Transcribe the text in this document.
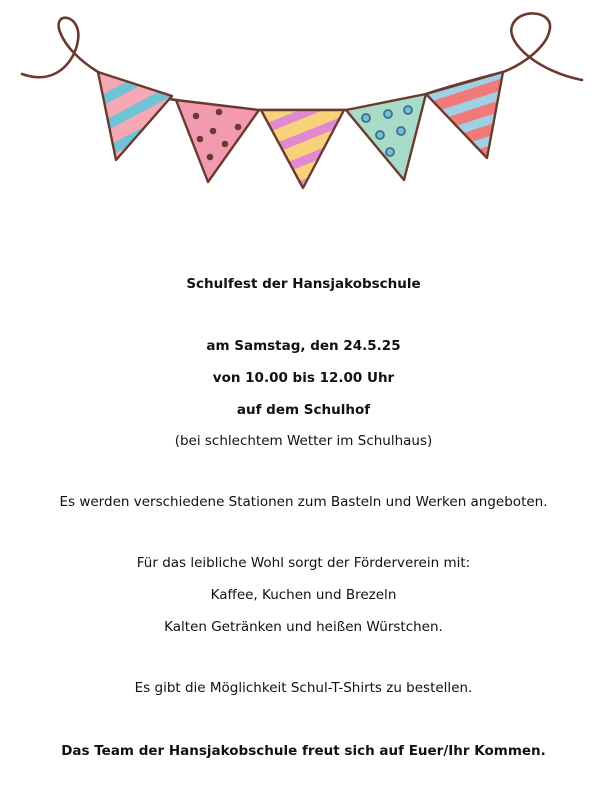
Schulfest der Hansjakobschule
am Samstag, den 24.5.25
von 10.00 bis 12.00 Uhr
auf dem Schulhof
(bei schlechtem Wetter im Schulhaus)
Es werden verschiedene Stationen zum Basteln und Werken angeboten.
Für das leibliche Wohl sorgt der Förderverein mit:
Kaffee, Kuchen und Brezeln
Kalten Getränken und heißen Würstchen.
Es gibt die Möglichkeit Schul-T-Shirts zu bestellen.
Das Team der Hansjakobschule freut sich auf Euer/Ihr Kommen.
